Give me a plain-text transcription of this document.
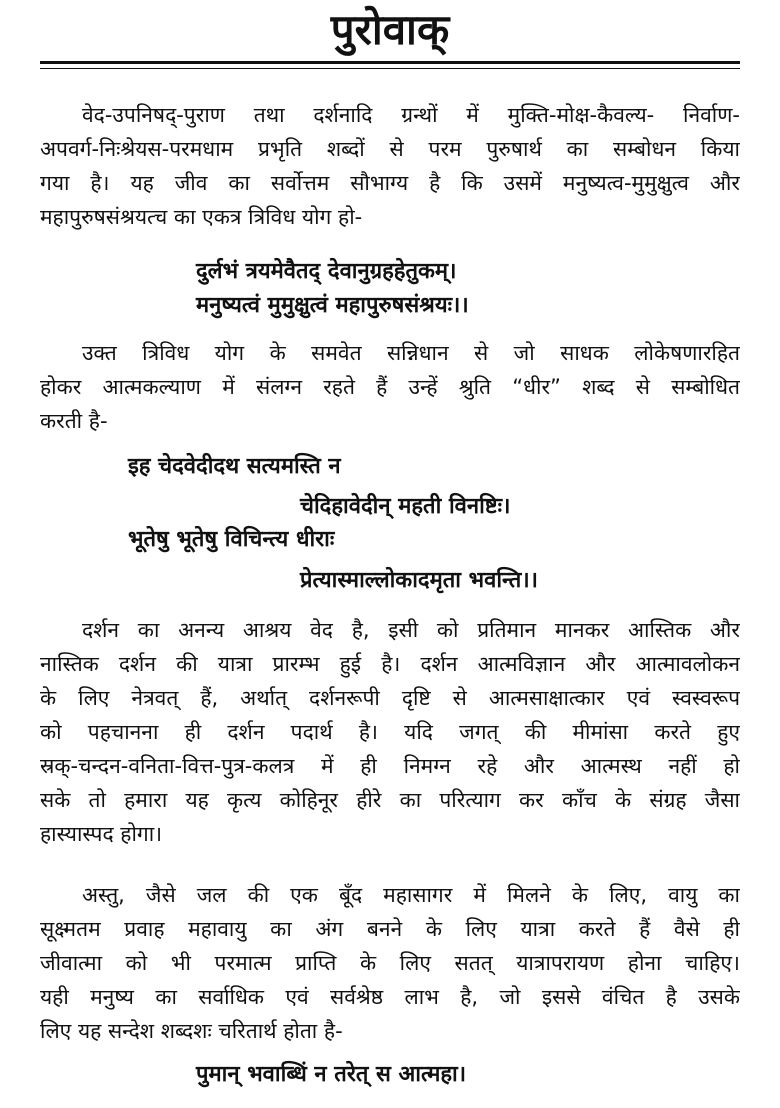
पुरोवाक्
वेद-उपनिषद्-पुराण तथा दर्शनादि ग्रन्थों में मुक्ति-मोक्ष-कैवल्य- निर्वाण-
अपवर्ग-निःश्रेयस-परमधाम प्रभृति शब्दों से परम पुरुषार्थ का सम्बोधन किया
गया है। यह जीव का सर्वोत्तम सौभाग्य है कि उसमें मनुष्यत्व-मुमुक्षुत्व और
महापुरुषसंश्रयत्च का एकत्र त्रिविध योग हो-
दुर्लभं त्रयमेवैतद् देवानुग्रहहेतुकम्।
मनुष्यत्वं मुमुक्षुत्वं महापुरुषसंश्रयः।।
उक्त त्रिविध योग के समवेत सन्निधान से जो साधक लोकेषणारहित
होकर आत्मकल्याण में संलग्न रहते हैं उन्हें श्रुति “धीर” शब्द से सम्बोधित
करती है-
इह चेदवेदीदथ सत्यमस्ति न
चेदिहावेदीन् महती विनष्टिः।
भूतेषु भूतेषु विचिन्त्य धीराः
प्रेत्यास्माल्लोकादमृता भवन्ति।।
दर्शन का अनन्य आश्रय वेद है, इसी को प्रतिमान मानकर आस्तिक और
नास्तिक दर्शन की यात्रा प्रारम्भ हुई है। दर्शन आत्मविज्ञान और आत्मावलोकन
के लिए नेत्रवत् हैं, अर्थात् दर्शनरूपी दृष्टि से आत्मसाक्षात्कार एवं स्वस्वरूप
को पहचानना ही दर्शन पदार्थ है। यदि जगत् की मीमांसा करते हुए
स्रक्-चन्दन-वनिता-वित्त-पुत्र-कलत्र में ही निमग्न रहे और आत्मस्थ नहीं हो
सके तो हमारा यह कृत्य कोहिनूर हीरे का परित्याग कर काँच के संग्रह जैसा
हास्यास्पद होगा।
अस्तु, जैसे जल की एक बूँद महासागर में मिलने के लिए, वायु का
सूक्ष्मतम प्रवाह महावायु का अंग बनने के लिए यात्रा करते हैं वैसे ही
जीवात्मा को भी परमात्म प्राप्ति के लिए सतत् यात्रापरायण होना चाहिए।
यही मनुष्य का सर्वाधिक एवं सर्वश्रेष्ठ लाभ है, जो इससे वंचित है उसके
लिए यह सन्देश शब्दशः चरितार्थ होता है-
पुमान् भवाब्धिं न तरेत् स आत्महा।
